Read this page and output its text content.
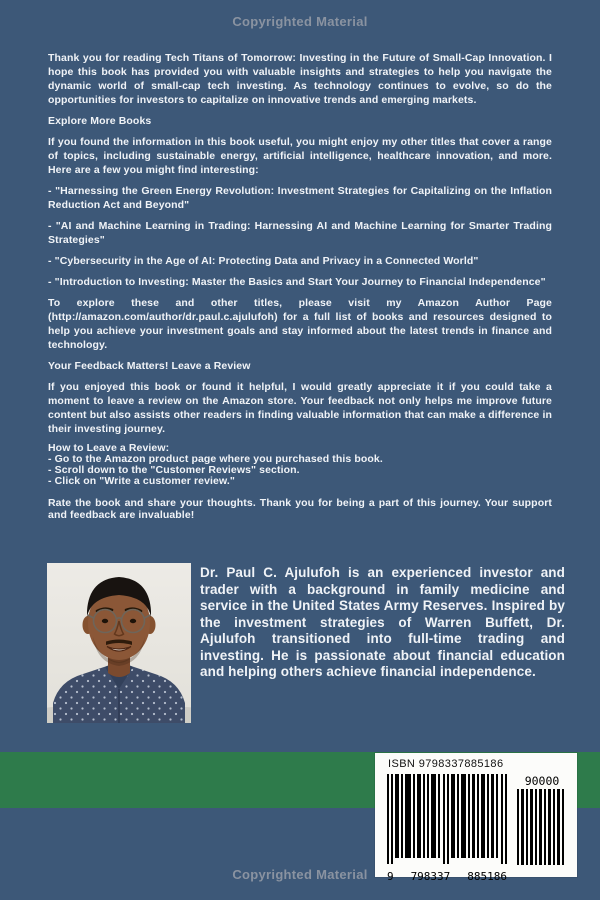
Copyrighted Material

Thank you for reading Tech Titans of Tomorrow: Investing in the Future of Small-Cap Innovation. I hope this book has provided you with valuable insights and strategies to help you navigate the dynamic world of small-cap tech investing. As technology continues to evolve, so do the opportunities for investors to capitalize on innovative trends and emerging markets.

Explore More Books

If you found the information in this book useful, you might enjoy my other titles that cover a range of topics, including sustainable energy, artificial intelligence, healthcare innovation, and more. Here are a few you might find interesting:

- "Harnessing the Green Energy Revolution: Investment Strategies for Capitalizing on the Inflation Reduction Act and Beyond"
- "AI and Machine Learning in Trading: Harnessing AI and Machine Learning for Smarter Trading Strategies"
- "Cybersecurity in the Age of AI: Protecting Data and Privacy in a Connected World"
- "Introduction to Investing: Master the Basics and Start Your Journey to Financial Independence"

To explore these and other titles, please visit my Amazon Author Page (http://amazon.com/author/dr.paul.c.ajulufoh) for a full list of books and resources designed to help you achieve your investment goals and stay informed about the latest trends in finance and technology.

Your Feedback Matters! Leave a Review

If you enjoyed this book or found it helpful, I would greatly appreciate it if you could take a moment to leave a review on the Amazon store. Your feedback not only helps me improve future content but also assists other readers in finding valuable information that can make a difference in their investing journey.

How to Leave a Review:
- Go to the Amazon product page where you purchased this book.
- Scroll down to the "Customer Reviews" section.
- Click on "Write a customer review."

Rate the book and share your thoughts. Thank you for being a part of this journey. Your support and feedback are invaluable!

Dr. Paul C. Ajulufoh is an experienced investor and trader with a background in family medicine and service in the United States Army Reserves. Inspired by the investment strategies of Warren Buffett, Dr. Ajulufoh transitioned into full-time trading and investing. He is passionate about financial education and helping others achieve financial independence.
ISBN 9798337885186
9 798337 885186
90000
Copyrighted Material
